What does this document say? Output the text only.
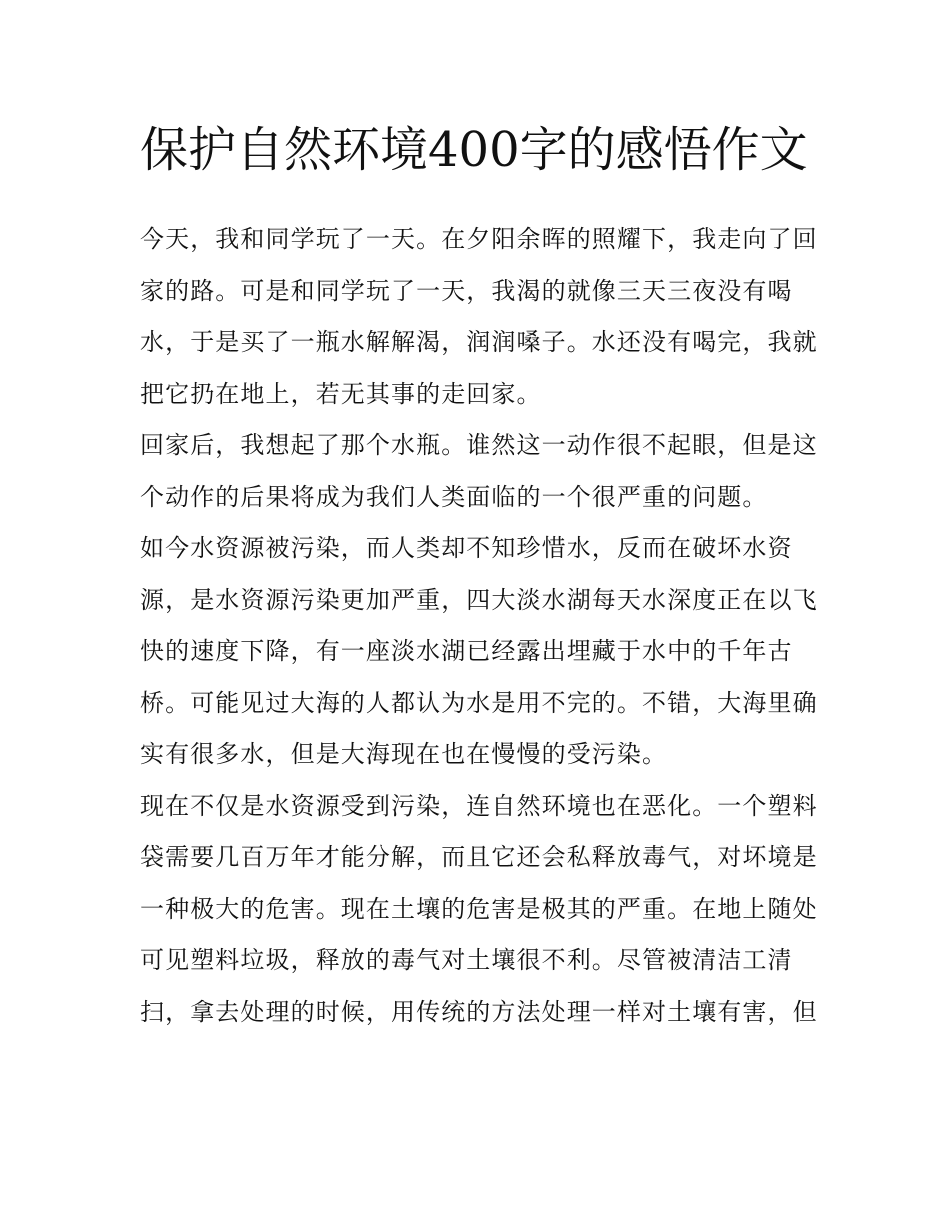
保护自然环境400字的感悟作文

今天，我和同学玩了一天。在夕阳余晖的照耀下，我走向了回家的路。可是和同学玩了一天，我渴的就像三天三夜没有喝水，于是买了一瓶水解解渴，润润嗓子。水还没有喝完，我就把它扔在地上，若无其事的走回家。

回家后，我想起了那个水瓶。谁然这一动作很不起眼，但是这个动作的后果将成为我们人类面临的一个很严重的问题。

如今水资源被污染，而人类却不知珍惜水，反而在破坏水资源，是水资源污染更加严重，四大淡水湖每天水深度正在以飞快的速度下降，有一座淡水湖已经露出埋藏于水中的千年古桥。可能见过大海的人都认为水是用不完的。不错，大海里确实有很多水，但是大海现在也在慢慢的受污染。

现在不仅是水资源受到污染，连自然环境也在恶化。一个塑料袋需要几百万年才能分解，而且它还会私释放毒气，对坏境是一种极大的危害。现在土壤的危害是极其的严重。在地上随处可见塑料垃圾，释放的毒气对土壤很不利。尽管被清洁工清扫，拿去处理的时候，用传统的方法处理一样对土壤有害，但
